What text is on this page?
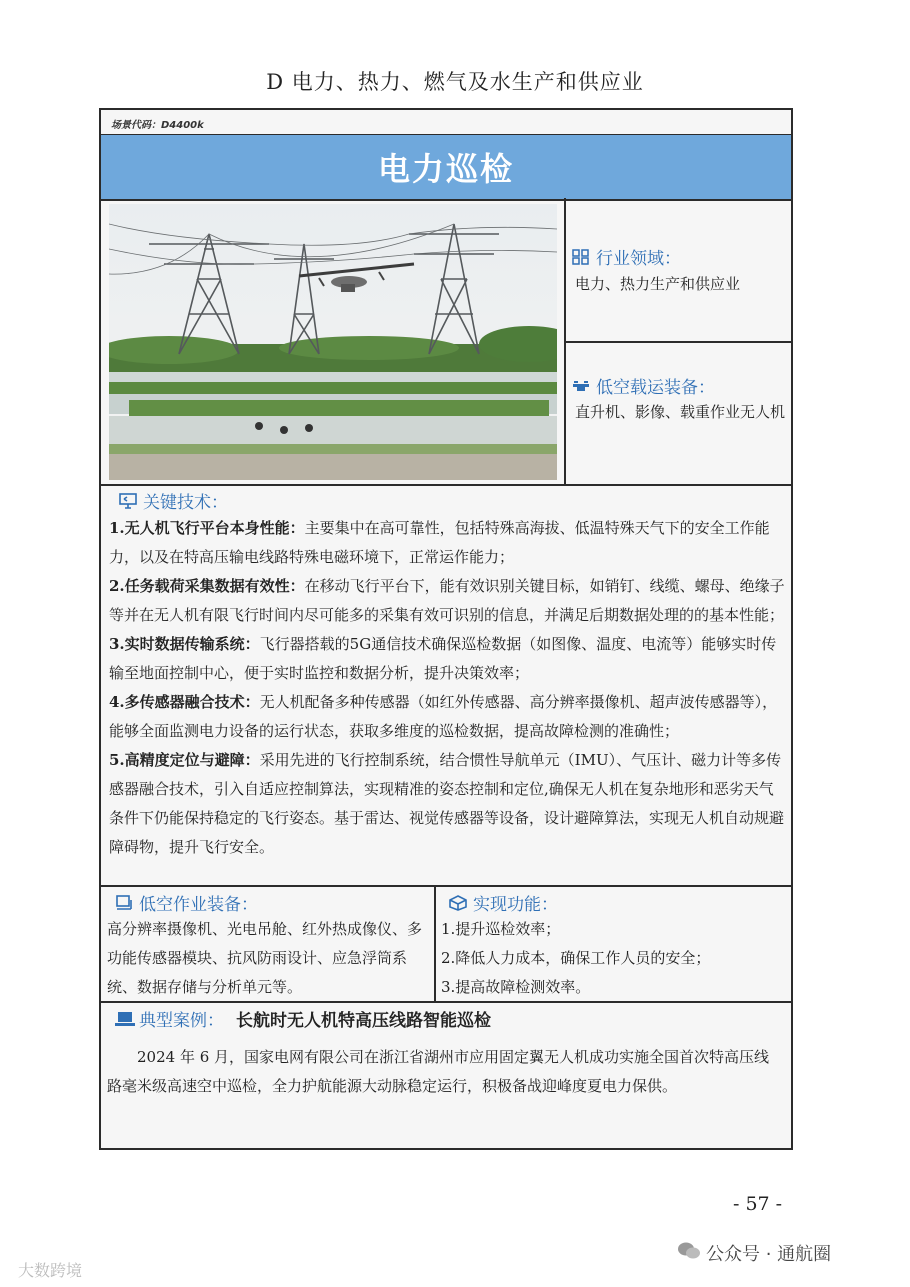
D 电力、热力、燃气及水生产和供应业
场景代码：D4400k
电力巡检
行业领域：
电力、热力生产和供应业
低空载运装备：
直升机、影像、载重作业无人机
关键技术：

1.无人机飞行平台本身性能：主要集中在高可靠性，包括特殊高海拔、低温特殊天气下的安全工作能力，以及在特高压输电线路特殊电磁环境下，正常运作能力；

2.任务载荷采集数据有效性：在移动飞行平台下，能有效识别关键目标，如销钉、线缆、螺母、绝缘子等并在无人机有限飞行时间内尽可能多的采集有效可识别的信息，并满足后期数据处理的的基本性能；

3.实时数据传输系统：飞行器搭载的5G通信技术确保巡检数据（如图像、温度、电流等）能够实时传输至地面控制中心，便于实时监控和数据分析，提升决策效率；

4.多传感器融合技术：无人机配备多种传感器（如红外传感器、高分辨率摄像机、超声波传感器等），能够全面监测电力设备的运行状态，获取多维度的巡检数据，提高故障检测的准确性；

5.高精度定位与避障：采用先进的飞行控制系统，结合惯性导航单元（IMU）、气压计、磁力计等多传感器融合技术，引入自适应控制算法，实现精准的姿态控制和定位,确保无人机在复杂地形和恶劣天气条件下仍能保持稳定的飞行姿态。基于雷达、视觉传感器等设备，设计避障算法，实现无人机自动规避障碍物，提升飞行安全。

低空作业装备：
高分辨率摄像机、光电吊舱、红外热成像仪、多功能传感器模块、抗风防雨设计、应急浮筒系统、数据存储与分析单元等。
实现功能：

1.提升巡检效率；

2.降低人力成本，确保工作人员的安全；

3.提高故障检测效率。

典型案例： 长航时无人机特高压线路智能巡检
2024 年 6 月，国家电网有限公司在浙江省湖州市应用固定翼无人机成功实施全国首次特高压线路毫米级高速空中巡检，全力护航能源大动脉稳定运行，积极备战迎峰度夏电力保供。
- 57 -
大数跨境
公众号 · 通航圈
